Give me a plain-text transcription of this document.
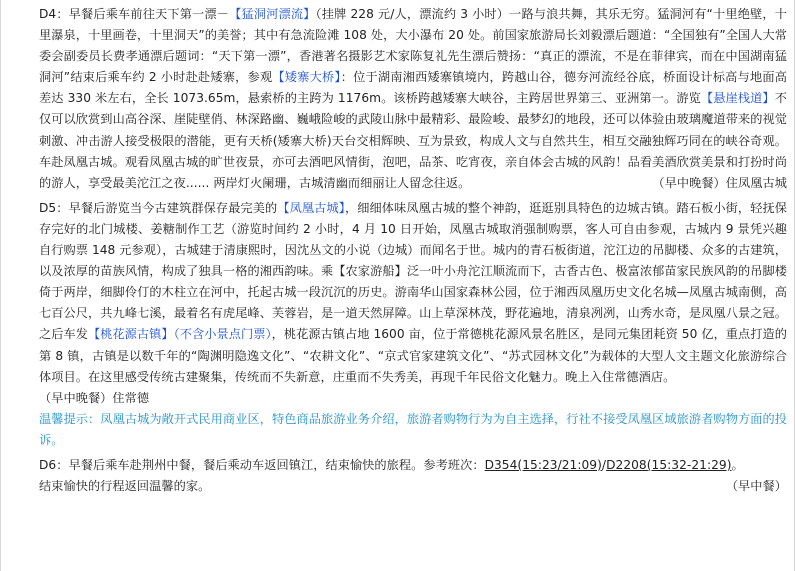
D4：早餐后乘车前往天下第一漂－【猛洞河漂流】（挂牌 228 元/人，漂流约 3 小时）一路与浪共舞，其乐无穷。猛洞河有“十里绝壁，十里瀑泉，十里画卷，十里洞天”的美誉；其中有急流险滩 108 处，大小瀑布 20 处。前国家旅游局长刘毅漂后题道：“全国独有”全国人大常委会副委员长费孝通漂后题词：“天下第一漂”，香港著名摄影艺术家陈复礼先生漂后赞扬：“真正的漂流，不是在菲律宾，而在中国湖南猛洞河”结束后乘车约 2 小时赴赴矮寨，参观【矮寨大桥】：位于湖南湘西矮寨镇境内，跨越山谷，德夯河流经谷底，桥面设计标高与地面高差达 330 米左右，全长 1073.65m，悬索桥的主跨为 1176m。该桥跨越矮寨大峡谷，主跨居世界第三、亚洲第一。游览【悬崖栈道】不仅可以欣赏到山高谷深、崖陡壁俏、林深路幽、巍峨险峻的武陵山脉中最精彩、最险峻、最梦幻的地段，还可以体验由玻璃魔道带来的视觉刺激、冲击游人接受极限的潜能，更有天桥(矮寨大桥)天台交相辉映、互为景致，构成人文与自然共生，相互交融独辉巧同在的峡谷奇观。车赴凤凰古城。观看凤凰古城的旷世夜景，亦可去酒吧风情街，泡吧，品茶、吃宵夜，亲自体会古城的风韵！品看美酒欣赏美景和打扮时尚的游人，享受最美沱江之夜...... 两岸灯火阑珊，古城清幽而细丽让人留念往返。	（早中晚餐）住凤凰古城

D5：早餐后游览当今古建筑群保存最完美的【凤凰古城】，细细体味凤凰古城的整个神韵，逛逛别具特色的边城古镇。踏石板小街，轻抚保存完好的北门城楼、姜糖制作工艺（游览时间约 2 小时，4 月 10 日开始，凤凰古城取消强制购票，客人可自由参观，古城内 9 景凭兴趣自行购票 148 元参观），古城建于清康熙时，因沈丛文的小说（边城）而闻名于世。城内的青石板街道，沱江边的吊脚楼、众多的古建筑，以及浓厚的苗族风情，构成了独具一格的湘西韵味。乘【农家游船】泛一叶小舟沱江顺流而下，古香古色、极富浓郁苗家民族风韵的吊脚楼倚于两岸，细脚伶仃的木柱立在河中，托起古城一段沉沉的历史。游南华山国家森林公园，位于湘西凤凰历史文化名城—凤凰古城南侧，高七百公尺，共九峰七溪，最着名有虎尾峰、芙蓉岩，是一道天然屏障。山上草深林茂，野花遍地，清泉冽冽，山秀水奇，是凤凰八景之冠。之后车发【桃花源古镇】（不含小景点门票），桃花源古镇占地 1600 亩，位于常德桃花源风景名胜区，是同元集团耗资 50 亿，重点打造的第 8 镇，古镇是以数千年的“陶渊明隐逸文化”、“农耕文化”、“京式官家建筑文化”、“苏式园林文化”为载体的大型人文主题文化旅游综合体项目。在这里感受传统古建聚集，传统而不失新意，庄重而不失秀美，再现千年民俗文化魅力。晚上入住常德酒店。

（早中晚餐）住常德

温馨提示：凤凰古城为敞开式民用商业区，特色商品旅游业务介绍，旅游者购物行为为自主选择，行社不接受凤凰区域旅游者购物方面的投诉。

D6：早餐后乘车赴荆州中餐，餐后乘动车返回镇江，结束愉快的旅程。参考班次：D354(15:23/21:09)/D2208(15:32-21:29)。

结束愉快的行程返回温馨的家。	（早中餐）
